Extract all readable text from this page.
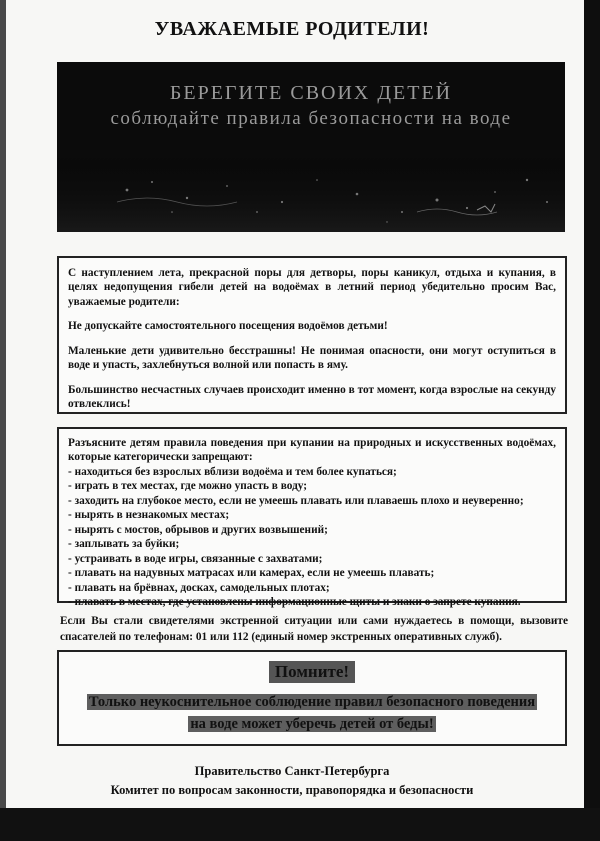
УВАЖАЕМЫЕ РОДИТЕЛИ!
БЕРЕГИТЕ СВОИХ ДЕТЕЙ
соблюдайте правила безопасности на воде

С наступлением лета, прекрасной поры для детворы, поры каникул, отдыха и купания, в целях недопущения гибели детей на водоёмах в летний период убедительно просим Вас, уважаемые родители:

Не допускайте самостоятельного посещения водоёмов детьми!

Маленькие дети удивительно бесстрашны! Не понимая опасности, они могут оступиться в воде и упасть, захлебнуться волной или попасть в яму.

Большинство несчастных случаев происходит именно в тот момент, когда взрослые на секунду отвлеклись!

Разъясните детям правила поведения при купании на природных и искусственных водоёмах, которые категорически запрещают:

- находиться без взрослых вблизи водоёма и тем более купаться;
- играть в тех местах, где можно упасть в воду;
- заходить на глубокое место, если не умеешь плавать или плаваешь плохо и неуверенно;
- нырять в незнакомых местах;
- нырять с мостов, обрывов и других возвышений;
- заплывать за буйки;
- устраивать в воде игры, связанные с захватами;
- плавать на надувных матрасах или камерах, если не умеешь плавать;
- плавать на брёвнах, досках, самодельных плотах;
- плавать в местах, где установлены информационные щиты и знаки о запрете купания.
Если Вы стали свидетелями экстренной ситуации или сами нуждаетесь в помощи, вызовите спасателей по телефонам: 01 или 112 (единый номер экстренных оперативных служб).
Помните!
Только неукоснительное соблюдение правил безопасного поведения
на воде может уберечь детей от беды!
Правительство Санкт-Петербурга
Комитет по вопросам законности, правопорядка и безопасности
